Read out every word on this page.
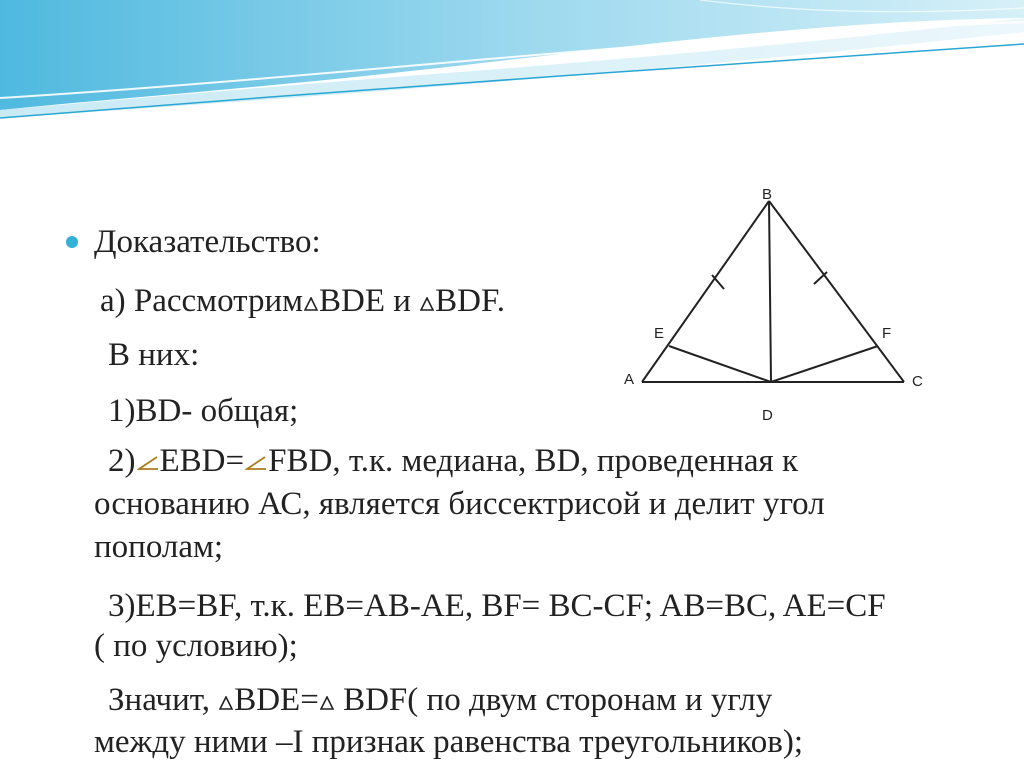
B
A	C
D
E	F
Доказательство:
а) Рассмотрим BDE и
BDF.
В них:
1)BD- общая;
2) EBD= FBD, т.к. медиана, BD, проведенная к
основанию АС, является биссектрисой и делит угол
пополам;
3)EB=BF, т.к. EB=AB-AE, BF= BC-CF; AB=BC, AE=CF
( по условию);
Значит,
BDE=
BDF( по двум сторонам и углу
между ними –I признак равенства треугольников);
